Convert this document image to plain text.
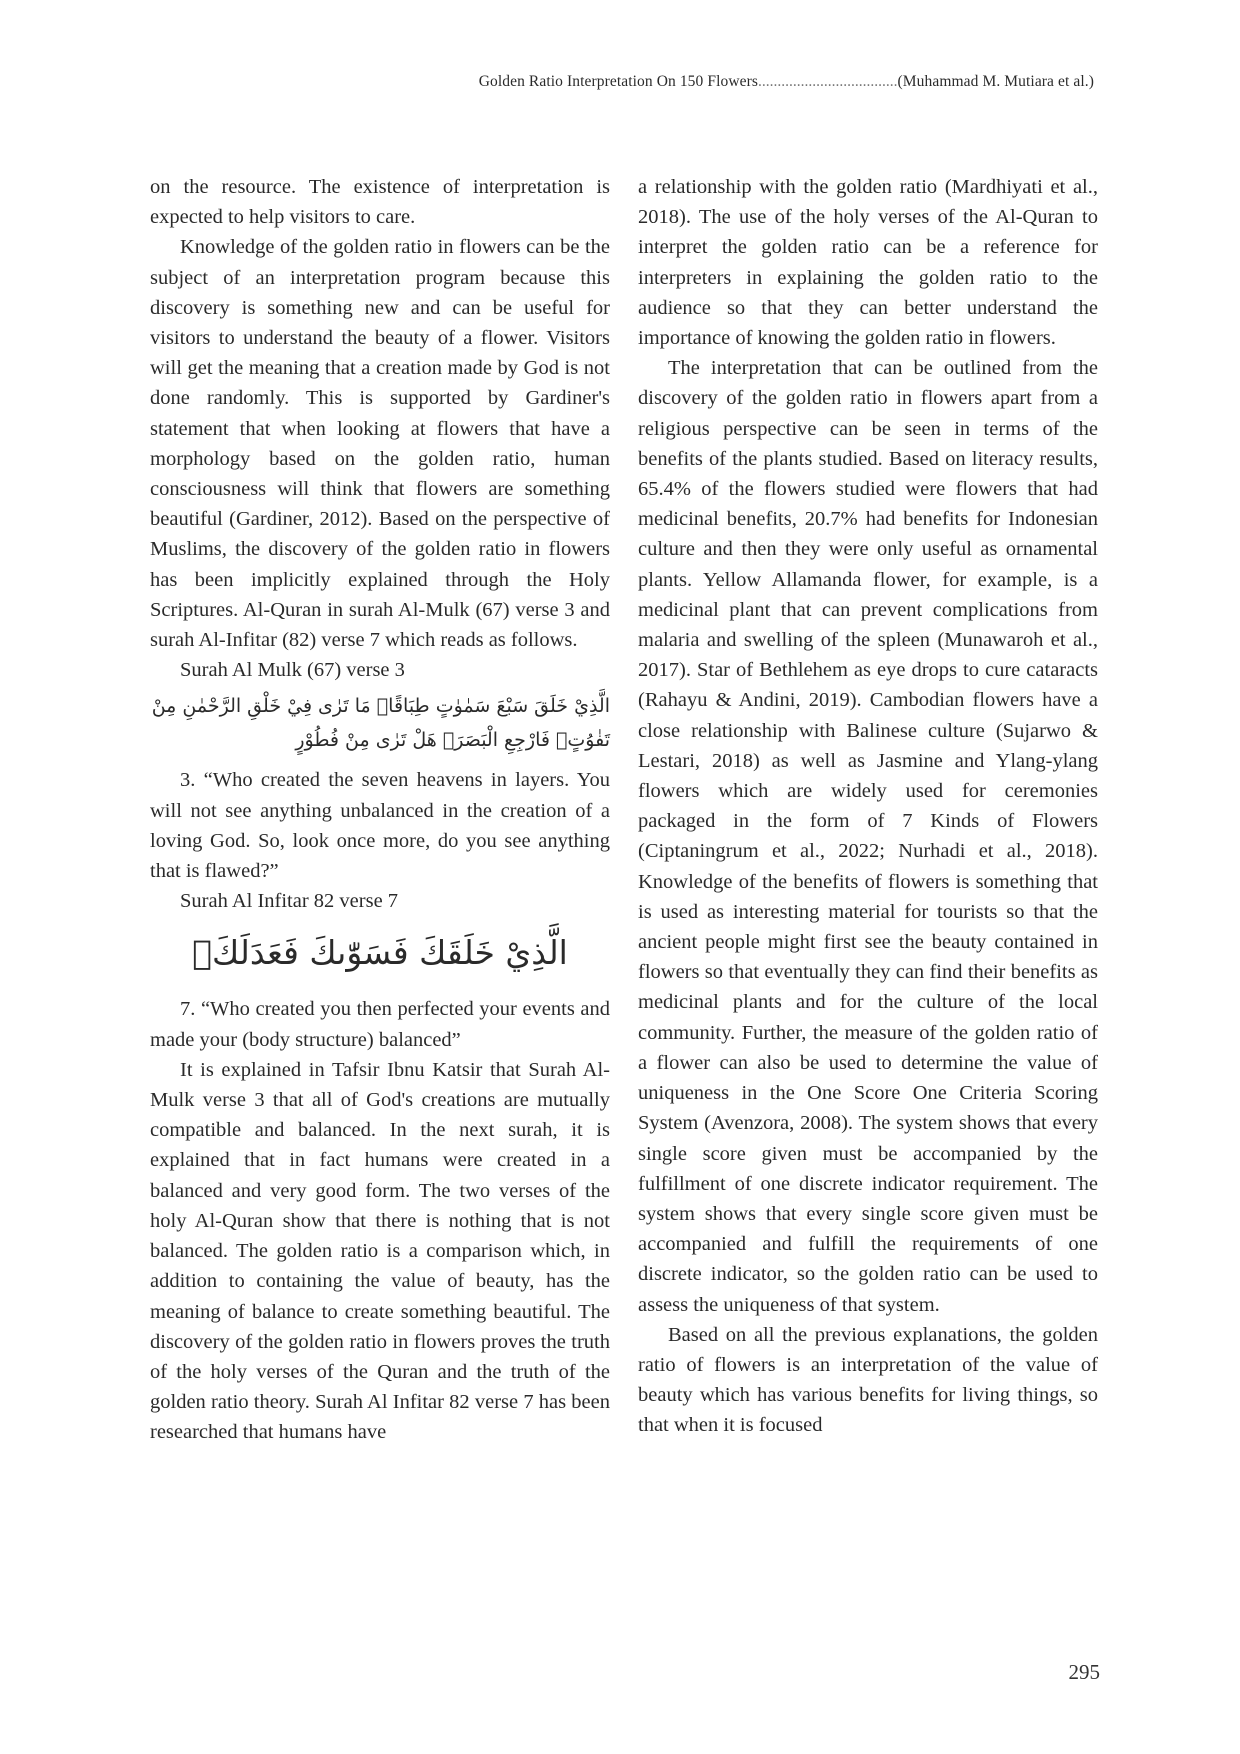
Golden Ratio Interpretation On 150 Flowers....................................(Muhammad M. Mutiara et al.)

on the resource. The existence of interpretation is expected to help visitors to care.

Knowledge of the golden ratio in flowers can be the subject of an interpretation program because this discovery is something new and can be useful for visitors to understand the beauty of a flower. Visitors will get the meaning that a creation made by God is not done randomly. This is supported by Gardiner's statement that when looking at flowers that have a morphology based on the golden ratio, human consciousness will think that flowers are something beautiful (Gardiner, 2012). Based on the perspective of Muslims, the discovery of the golden ratio in flowers has been implicitly explained through the Holy Scriptures. Al-Quran in surah Al-Mulk (67) verse 3 and surah Al-Infitar (82) verse 7 which reads as follows.

Surah Al Mulk (67) verse 3

الَّذِيْ خَلَقَ سَبْعَ سَمٰوٰتٍ طِبَاقًاۗ مَا تَرٰى فِيْ خَلْقِ الرَّحْمٰنِ مِنْ تَفٰوُتٍۗ فَارْجِعِ الْبَصَرَۙ هَلْ تَرٰى مِنْ فُطُوْرٍ

3. “Who created the seven heavens in layers. You will not see anything unbalanced in the creation of a loving God. So, look once more, do you see anything that is flawed?”

Surah Al Infitar 82 verse 7

الَّذِيْ خَلَقَكَ فَسَوّٰىكَ فَعَدَلَكَۙ

7. “Who created you then perfected your events and made your (body structure) balanced”

It is explained in Tafsir Ibnu Katsir that Surah Al-Mulk verse 3 that all of God's creations are mutually compatible and balanced. In the next surah, it is explained that in fact humans were created in a balanced and very good form. The two verses of the holy Al-Quran show that there is nothing that is not balanced. The golden ratio is a comparison which, in addition to containing the value of beauty, has the meaning of balance to create something beautiful. The discovery of the golden ratio in flowers proves the truth of the holy verses of the Quran and the truth of the golden ratio theory. Surah Al Infitar 82 verse 7 has been researched that humans have

a relationship with the golden ratio (Mardhiyati et al., 2018). The use of the holy verses of the Al-Quran to interpret the golden ratio can be a reference for interpreters in explaining the golden ratio to the audience so that they can better understand the importance of knowing the golden ratio in flowers.

The interpretation that can be outlined from the discovery of the golden ratio in flowers apart from a religious perspective can be seen in terms of the benefits of the plants studied. Based on literacy results, 65.4% of the flowers studied were flowers that had medicinal benefits, 20.7% had benefits for Indonesian culture and then they were only useful as ornamental plants. Yellow Allamanda flower, for example, is a medicinal plant that can prevent complications from malaria and swelling of the spleen (Munawaroh et al., 2017). Star of Bethlehem as eye drops to cure cataracts (Rahayu & Andini, 2019). Cambodian flowers have a close relationship with Balinese culture (Sujarwo & Lestari, 2018) as well as Jasmine and Ylang-ylang flowers which are widely used for ceremonies packaged in the form of 7 Kinds of Flowers (Ciptaningrum et al., 2022; Nurhadi et al., 2018). Knowledge of the benefits of flowers is something that is used as interesting material for tourists so that the ancient people might first see the beauty contained in flowers so that eventually they can find their benefits as medicinal plants and for the culture of the local community. Further, the measure of the golden ratio of a flower can also be used to determine the value of uniqueness in the One Score One Criteria Scoring System (Avenzora, 2008). The system shows that every single score given must be accompanied by the fulfillment of one discrete indicator requirement. The system shows that every single score given must be accompanied and fulfill the requirements of one discrete indicator, so the golden ratio can be used to assess the uniqueness of that system.

Based on all the previous explanations, the golden ratio of flowers is an interpretation of the value of beauty which has various benefits for living things, so that when it is focused

295
